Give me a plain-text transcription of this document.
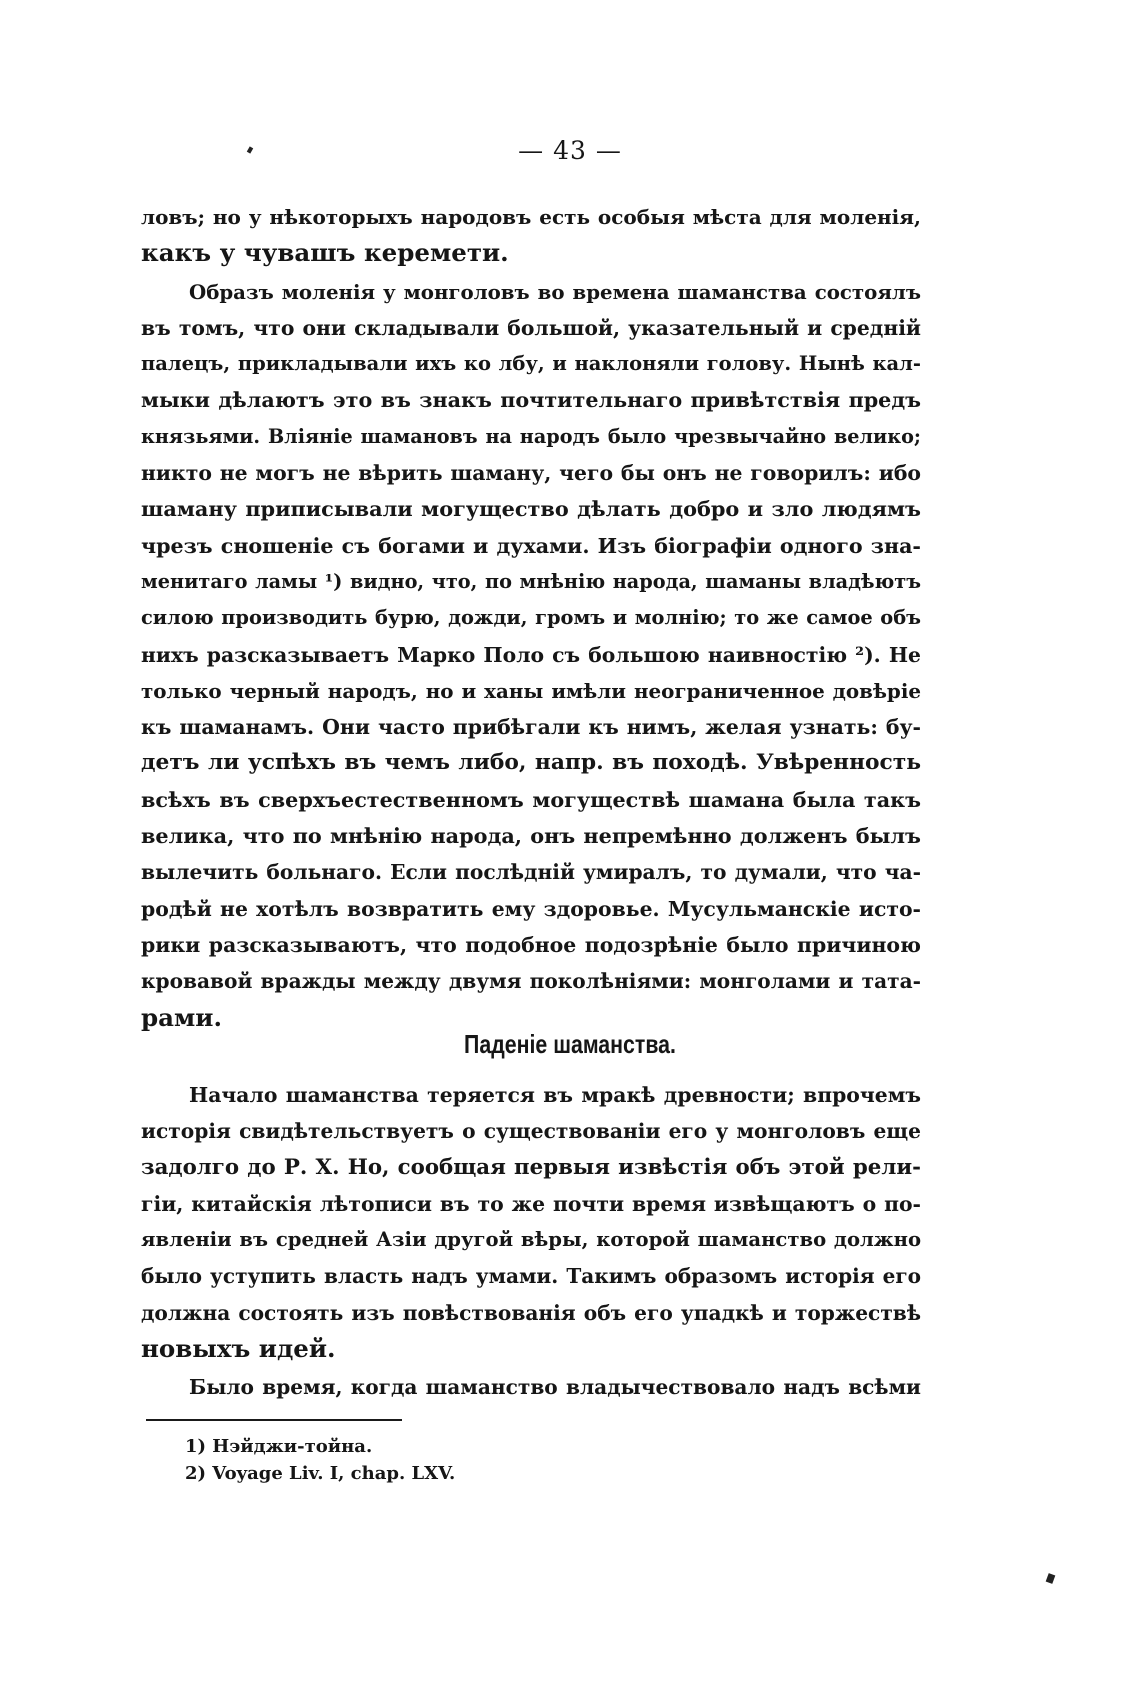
— 43 —

ловъ; но у нѣкоторыхъ народовъ есть особыя мѣста для моленія,
какъ у чувашъ керемети.

Образъ моленія у монголовъ во времена шаманства состоялъ
въ томъ, что они складывали большой, указательный и средній
палецъ, прикладывали ихъ ко лбу, и наклоняли голову. Нынѣ кал-
мыки дѣлаютъ это въ знакъ почтительнаго привѣтствія предъ
князьями. Вліяніе шамановъ на народъ было чрезвычайно велико;
никто не могъ не вѣрить шаману, чего бы онъ не говорилъ: ибо
шаману приписывали могущество дѣлать добро и зло людямъ
чрезъ сношеніе съ богами и духами. Изъ біографіи одного зна-
менитаго ламы ¹) видно, что, по мнѣнію народа, шаманы владѣютъ
силою производить бурю, дожди, громъ и молнію; то же самое объ
нихъ разсказываетъ Марко Поло съ большою наивностію ²). Не
только черный народъ, но и ханы имѣли неограниченное довѣріе
къ шаманамъ. Они часто прибѣгали къ нимъ, желая узнать: бу-
детъ ли успѣхъ въ чемъ либо, напр. въ походѣ. Увѣренность
всѣхъ въ сверхъестественномъ могуществѣ шамана была такъ
велика, что по мнѣнію народа, онъ непремѣнно долженъ былъ
вылечить больнаго. Если послѣдній умиралъ, то думали, что ча-
родѣй не хотѣлъ возвратить ему здоровье. Мусульманскіе исто-
рики разсказываютъ, что подобное подозрѣніе было причиною
кровавой вражды между двумя поколѣніями: монголами и тата-
рами.

Паденіе шаманства.

Начало шаманства теряется въ мракѣ древности; впрочемъ
исторія свидѣтельствуетъ о существованіи его у монголовъ еще
задолго до Р. Х. Но, сообщая первыя извѣстія объ этой рели-
гіи, китайскія лѣтописи въ то же почти время извѣщаютъ о по-
явленіи въ средней Азіи другой вѣры, которой шаманство должно
было уступить власть надъ умами. Такимъ образомъ исторія его
должна состоять изъ повѣствованія объ его упадкѣ и торжествѣ
новыхъ идей.

Было время, когда шаманство владычествовало надъ всѣми

1) Нэйджи-тойна.
2) Voyage Liv. I, chap. LXV.
